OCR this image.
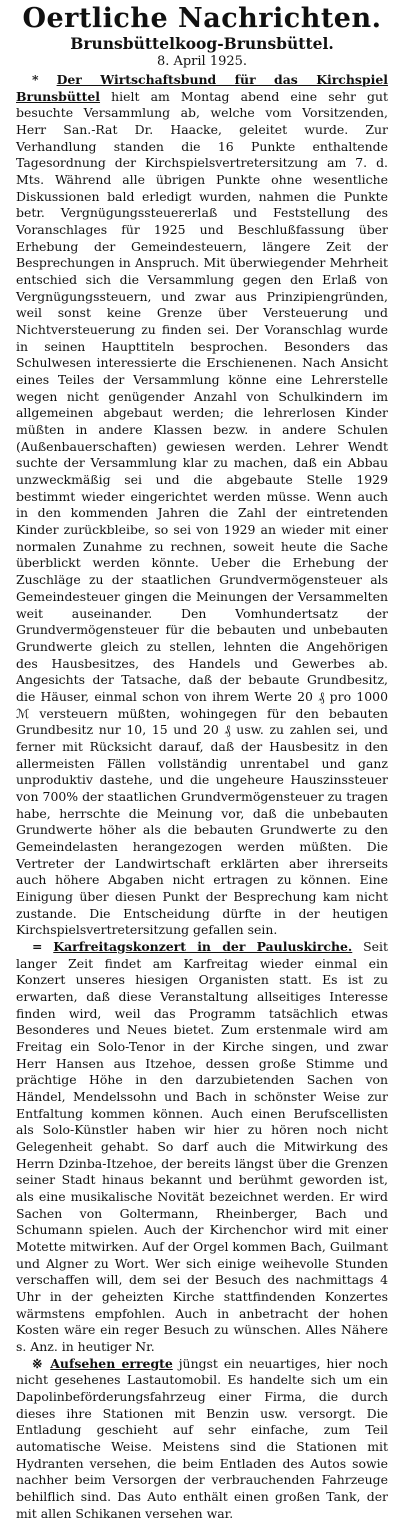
Oertliche Nachrichten.
Brunsbüttelkoog-Brunsbüttel.
8. April 1925.

* Der Wirtschaftsbund für das Kirchspiel Brunsbüttel hielt am Montag abend eine sehr gut besuchte Versammlung ab, welche vom Vorsitzenden, Herr San.-Rat Dr. Haacke, geleitet wurde. Zur Verhandlung standen die 16 Punkte enthaltende Tagesordnung der Kirchspielsvertretersitzung am 7. d. Mts. Während alle übrigen Punkte ohne wesentliche Diskussionen bald erledigt wurden, nahmen die Punkte betr. Vergnügungssteuererlaß und Feststellung des Voranschlages für 1925 und Beschlußfassung über Erhebung der Gemeindesteuern, längere Zeit der Besprechungen in Anspruch. Mit überwiegender Mehrheit entschied sich die Versammlung gegen den Erlaß von Vergnügungssteuern, und zwar aus Prinzipiengründen, weil sonst keine Grenze über Versteuerung und Nichtversteuerung zu finden sei. Der Voranschlag wurde in seinen Haupttiteln besprochen. Besonders das Schulwesen interessierte die Erschienenen. Nach Ansicht eines Teiles der Versammlung könne eine Lehrerstelle wegen nicht genügender Anzahl von Schulkindern im allgemeinen abgebaut werden; die lehrerlosen Kinder müßten in andere Klassen bezw. in andere Schulen (Außenbauerschaften) gewiesen werden. Lehrer Wendt suchte der Versammlung klar zu machen, daß ein Abbau unzweckmäßig sei und die abgebaute Stelle 1929 bestimmt wieder eingerichtet werden müsse. Wenn auch in den kommenden Jahren die Zahl der eintretenden Kinder zurückbleibe, so sei von 1929 an wieder mit einer normalen Zunahme zu rechnen, soweit heute die Sache überblickt werden könnte. Ueber die Erhebung der Zuschläge zu der staatlichen Grundvermögensteuer als Gemeindesteuer gingen die Meinungen der Versammelten weit auseinander. Den Vomhundertsatz der Grundvermögensteuer für die bebauten und unbebauten Grundwerte gleich zu stellen, lehnten die Angehörigen des Hausbesitzes, des Handels und Gewerbes ab. Angesichts der Tatsache, daß der bebaute Grundbesitz, die Häuser, einmal schon von ihrem Werte 20 ₰ pro 1000 ℳ versteuern müßten, wohingegen für den bebauten Grundbesitz nur 10, 15 und 20 ₰ usw. zu zahlen sei, und ferner mit Rücksicht darauf, daß der Hausbesitz in den allermeisten Fällen vollständig unrentabel und ganz unproduktiv dastehe, und die ungeheure Hauszinssteuer von 700% der staatlichen Grundvermögensteuer zu tragen habe, herrschte die Meinung vor, daß die unbebauten Grundwerte höher als die bebauten Grundwerte zu den Gemeindelasten herangezogen werden müßten. Die Vertreter der Landwirtschaft erklärten aber ihrerseits auch höhere Abgaben nicht ertragen zu können. Eine Einigung über diesen Punkt der Besprechung kam nicht zustande. Die Entscheidung dürfte in der heutigen Kirchspielsvertretersitzung gefallen sein.

= Karfreitagskonzert in der Pauluskirche. Seit langer Zeit findet am Karfreitag wieder einmal ein Konzert unseres hiesigen Organisten statt. Es ist zu erwarten, daß diese Veranstaltung allseitiges Interesse finden wird, weil das Programm tatsächlich etwas Besonderes und Neues bietet. Zum erstenmale wird am Freitag ein Solo-Tenor in der Kirche singen, und zwar Herr Hansen aus Itzehoe, dessen große Stimme und prächtige Höhe in den darzubietenden Sachen von Händel, Mendelssohn und Bach in schönster Weise zur Entfaltung kommen können. Auch einen Berufscellisten als Solo-Künstler haben wir hier zu hören noch nicht Gelegenheit gehabt. So darf auch die Mitwirkung des Herrn Dzinba-Itzehoe, der bereits längst über die Grenzen seiner Stadt hinaus bekannt und berühmt geworden ist, als eine musikalische Novität bezeichnet werden. Er wird Sachen von Goltermann, Rheinberger, Bach und Schumann spielen. Auch der Kirchenchor wird mit einer Motette mitwirken. Auf der Orgel kommen Bach, Guilmant und Algner zu Wort. Wer sich einige weihevolle Stunden verschaffen will, dem sei der Besuch des nachmittags 4 Uhr in der geheizten Kirche stattfindenden Konzertes wärmstens empfohlen. Auch in anbetracht der hohen Kosten wäre ein reger Besuch zu wünschen. Alles Nähere s. Anz. in heutiger Nr.

※ Aufsehen erregte jüngst ein neuartiges, hier noch nicht gesehenes Lastautomobil. Es handelte sich um ein Dapolinbeförderungsfahrzeug einer Firma, die durch dieses ihre Stationen mit Benzin usw. versorgt. Die Entladung geschieht auf sehr einfache, zum Teil automatische Weise. Meistens sind die Stationen mit Hydranten versehen, die beim Entladen des Autos sowie nachher beim Versorgen der verbrauchenden Fahrzeuge behilflich sind. Das Auto enthält einen großen Tank, der mit allen Schikanen versehen war.
